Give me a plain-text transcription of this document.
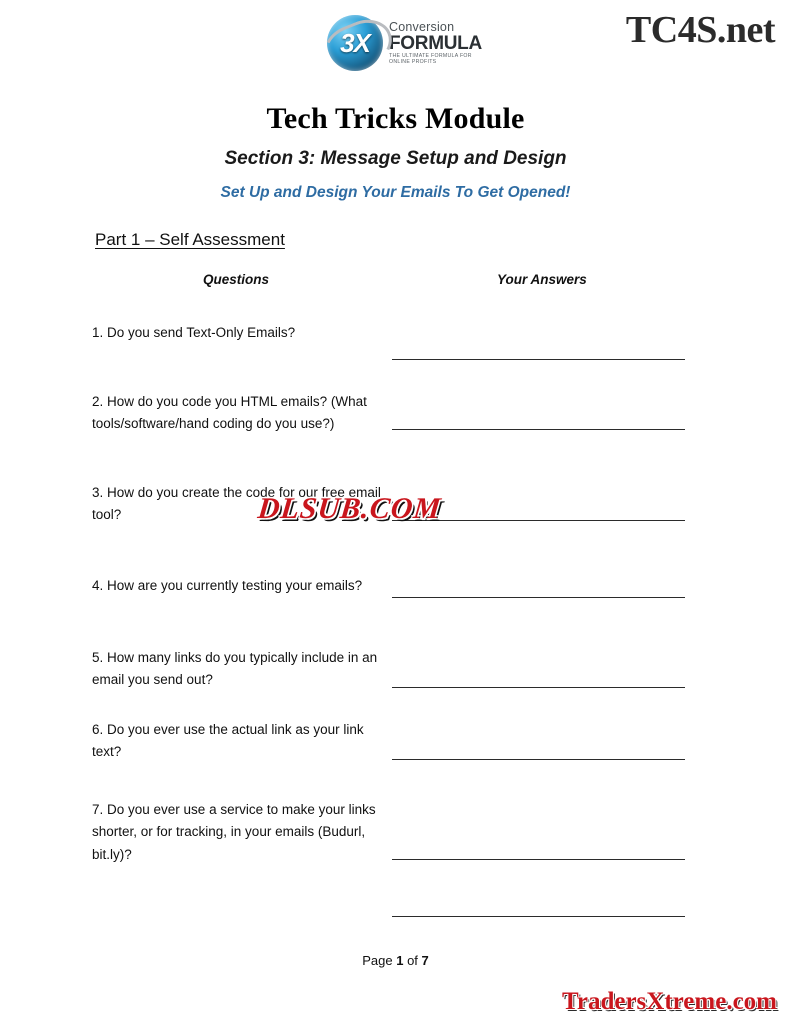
3X
Conversion
FORMULA
THE ULTIMATE FORMULA FOR ONLINE PROFITS
TC4S.net
Tech Tricks Module
Section 3: Message Setup and Design
Set Up and Design Your Emails To Get Opened!
Part 1 – Self Assessment
Questions	Your Answers
1. Do you send Text-Only Emails?
2. How do you code you HTML emails? (What tools/software/hand coding do you use?)
3. How do you create the code for our free email tool?
4. How are you currently testing your emails?
5. How many links do you typically include in an email you send out?
6. Do you ever use the actual link as your link text?
7. Do you ever use a service to make your links shorter, or for tracking, in your emails (Budurl, bit.ly)?
DLSUB.COM
TradersXtreme.com
Page 1 of 7
